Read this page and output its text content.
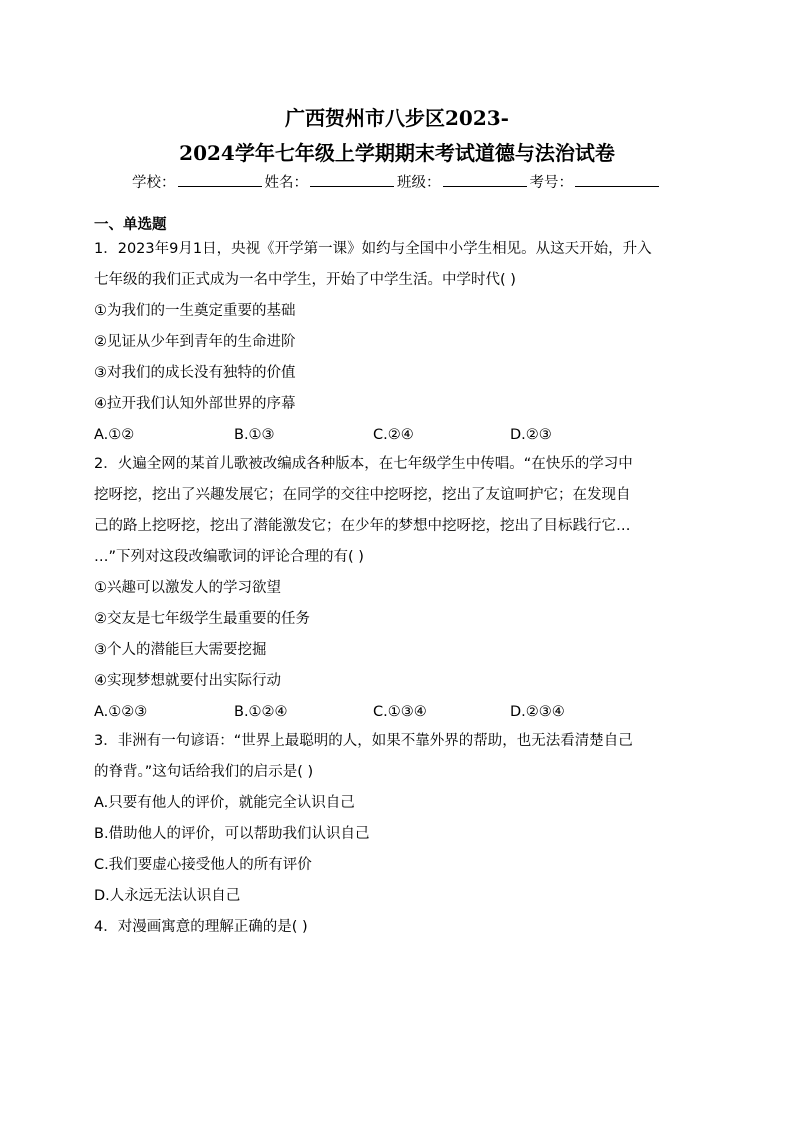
广西贺州市八步区2023-
2024学年七年级上学期期末考试道德与法治试卷
学校：	姓名：	班级：	考号：
一、单选题
1．2023年9月1日，央视《开学第一课》如约与全国中小学生相见。从这天开始，升入
七年级的我们正式成为一名中学生，开始了中学生活。中学时代( )
①为我们的一生奠定重要的基础
②见证从少年到青年的生命进阶
③对我们的成长没有独特的价值
④拉开我们认知外部世界的序幕
A.①②	B.①③	C.②④	D.②③
2．火遍全网的某首儿歌被改编成各种版本，在七年级学生中传唱。“在快乐的学习中
挖呀挖，挖出了兴趣发展它；在同学的交往中挖呀挖，挖出了友谊呵护它；在发现自
己的路上挖呀挖，挖出了潜能激发它；在少年的梦想中挖呀挖，挖出了目标践行它…
…”下列对这段改编歌词的评论合理的有( )
①兴趣可以激发人的学习欲望
②交友是七年级学生最重要的任务
③个人的潜能巨大需要挖掘
④实现梦想就要付出实际行动
A.①②③	B.①②④	C.①③④	D.②③④
3．非洲有一句谚语：“世界上最聪明的人，如果不靠外界的帮助，也无法看清楚自己
的脊背。”这句话给我们的启示是( )
A.只要有他人的评价，就能完全认识自己
B.借助他人的评价，可以帮助我们认识自己
C.我们要虚心接受他人的所有评价
D.人永远无法认识自己
4．对漫画寓意的理解正确的是( )
